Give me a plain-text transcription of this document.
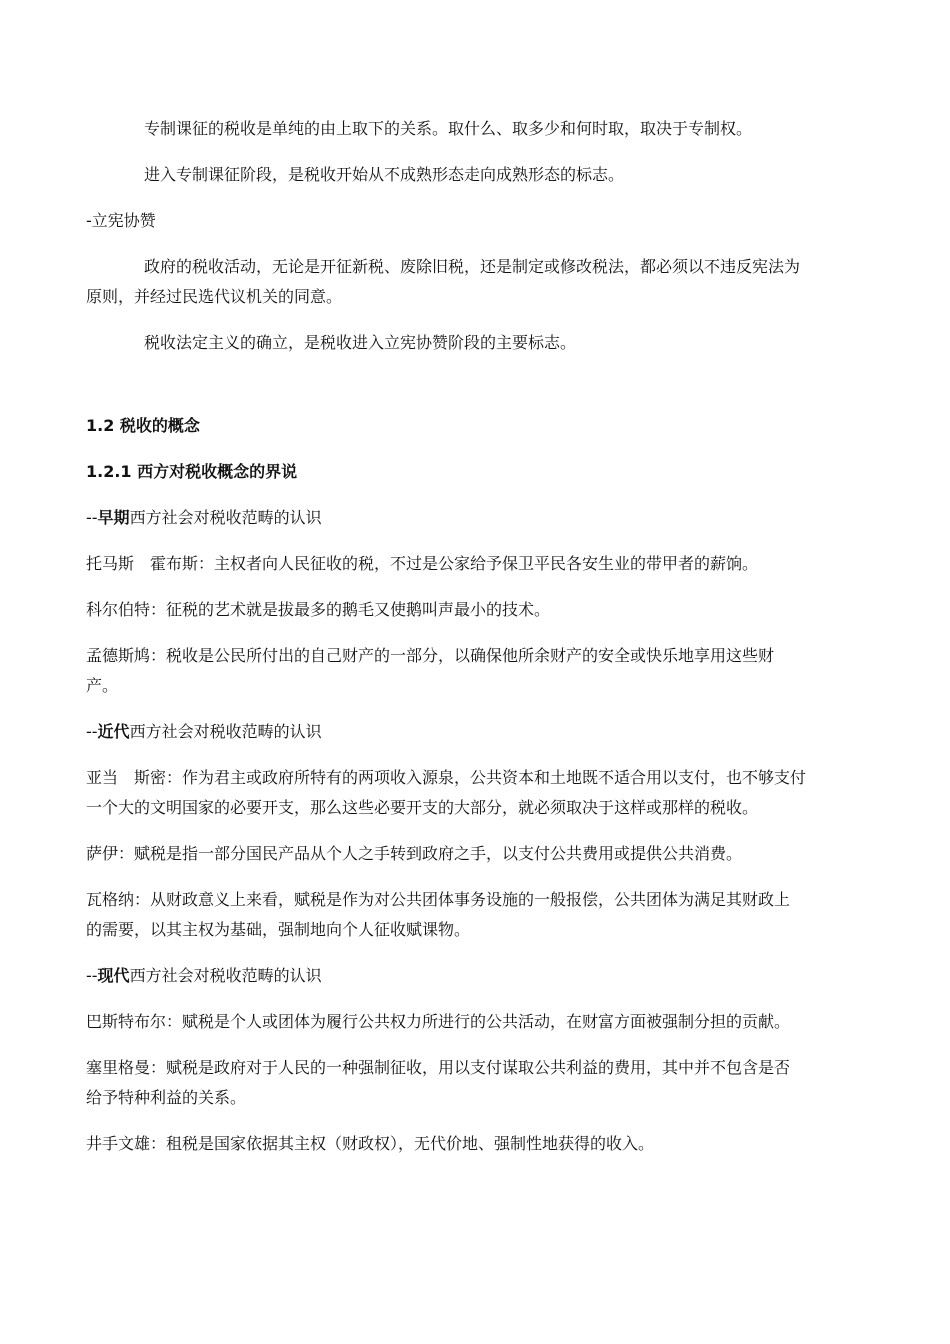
专制课征的税收是单纯的由上取下的关系。取什么、取多少和何时取，取决于专制权。

进入专制课征阶段，是税收开始从不成熟形态走向成熟形态的标志。

-立宪协赞

政府的税收活动，无论是开征新税、废除旧税，还是制定或修改税法，都必须以不违反宪法为

原则，并经过民选代议机关的同意。

税收法定主义的确立，是税收进入立宪协赞阶段的主要标志。

1.2 税收的概念

1.2.1 西方对税收概念的界说

--早期西方社会对税收范畴的认识

托马斯　霍布斯：主权者向人民征收的税，不过是公家给予保卫平民各安生业的带甲者的薪饷。

科尔伯特：征税的艺术就是拔最多的鹅毛又使鹅叫声最小的技术。

孟德斯鸠：税收是公民所付出的自己财产的一部分，以确保他所余财产的安全或快乐地享用这些财

产。

--近代西方社会对税收范畴的认识

亚当　斯密：作为君主或政府所特有的两项收入源泉，公共资本和土地既不适合用以支付，也不够支付

一个大的文明国家的必要开支，那么这些必要开支的大部分，就必须取决于这样或那样的税收。

萨伊：赋税是指一部分国民产品从个人之手转到政府之手，以支付公共费用或提供公共消费。

瓦格纳：从财政意义上来看，赋税是作为对公共团体事务设施的一般报偿，公共团体为满足其财政上

的需要，以其主权为基础，强制地向个人征收赋课物。

--现代西方社会对税收范畴的认识

巴斯特布尔：赋税是个人或团体为履行公共权力所进行的公共活动，在财富方面被强制分担的贡献。

塞里格曼：赋税是政府对于人民的一种强制征收，用以支付谋取公共利益的费用，其中并不包含是否

给予特种利益的关系。

井手文雄：租税是国家依据其主权（财政权），无代价地、强制性地获得的收入。
